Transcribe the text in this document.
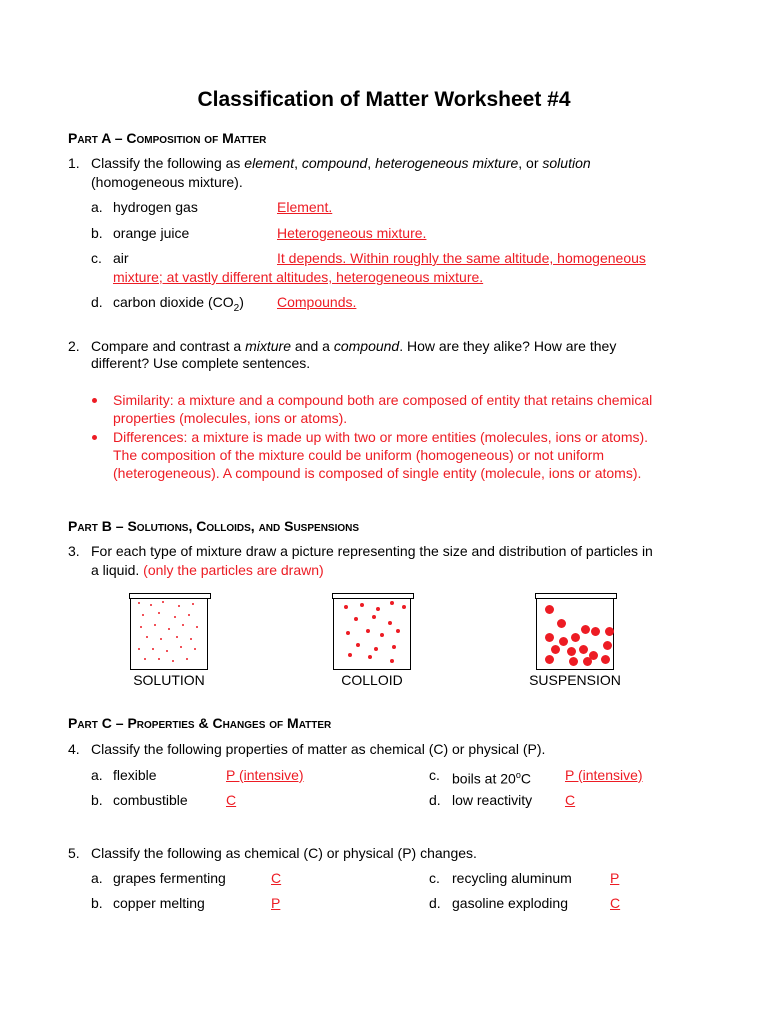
Classification of Matter Worksheet #4
Part A – Composition of Matter
1. Classify the following as element, compound, heterogeneous mixture, or solution
(homogeneous mixture).
a. hydrogen gas	Element.
b. orange juice	Heterogeneous mixture.
c. air	It depends. Within roughly the same altitude, homogeneous
mixture; at vastly different altitudes, heterogeneous mixture.
d. carbon dioxide $(CO_2)$ Compounds.
2. Compare and contrast a mixture and a compound. How are they alike? How are they
different? Use complete sentences.
Similarity: a mixture and a compound both are composed of entity that retains chemical
properties (molecules, ions or atoms).
Differences: a mixture is made up with two or more entities (molecules, ions or atoms).
The composition of the mixture could be uniform (homogeneous) or not uniform
(heterogeneous). A compound is composed of single entity (molecule, ions or atoms).
Part B – Solutions, Colloids, and Suspensions
3. For each type of mixture draw a picture representing the size and distribution of particles in
a liquid. (only the particles are drawn)
SOLUTION	COLLOID	SUSPENSION
Part C – Properties & Changes of Matter
4. Classify the following properties of matter as chemical (C) or physical (P).
a. flexible	P (intensive)
b. combustible	C
c. boils at 20$^o$C P (intensive)
d. low reactivity C
5. Classify the following as chemical (C) or physical (P) changes.
a. grapes fermenting	C
b. copper melting	P
c. recycling aluminum	P
d. gasoline exploding	C
